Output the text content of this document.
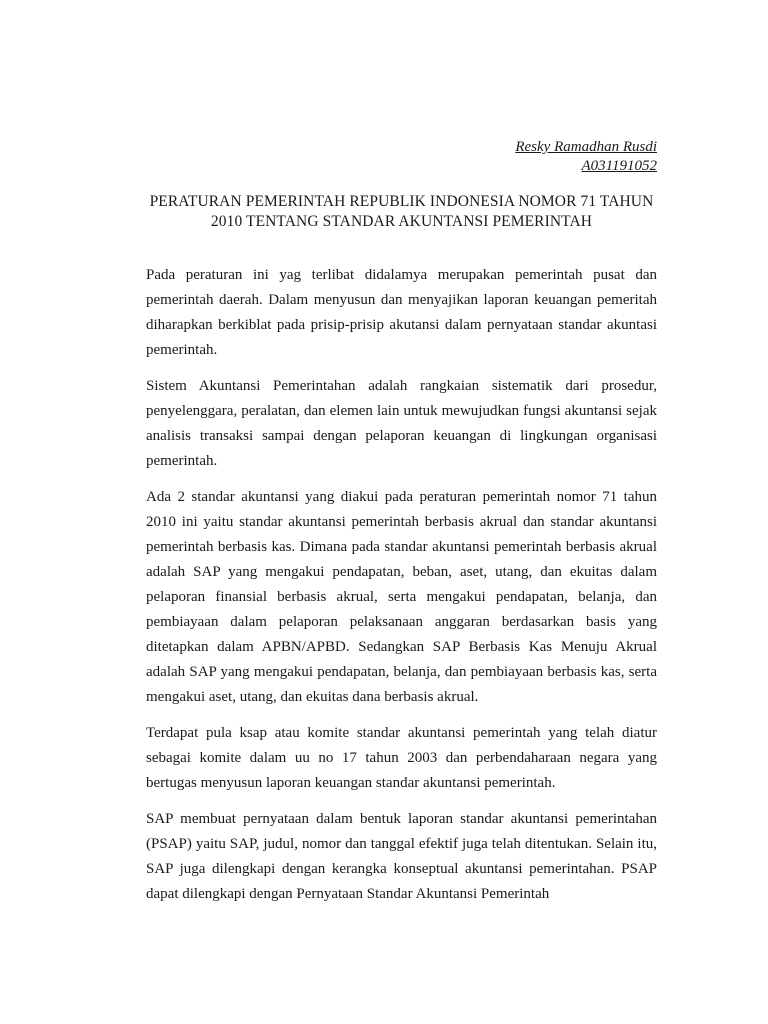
Resky Ramadhan Rusdi
A031191052
PERATURAN PEMERINTAH REPUBLIK INDONESIA NOMOR 71 TAHUN
2010 TENTANG STANDAR AKUNTANSI PEMERINTAH

Pada peraturan ini yag terlibat didalamya merupakan pemerintah pusat dan pemerintah daerah. Dalam menyusun dan menyajikan laporan keuangan pemeritah diharapkan berkiblat pada prisip-prisip akutansi dalam pernyataan standar akuntasi pemerintah.

Sistem Akuntansi Pemerintahan adalah rangkaian sistematik dari prosedur, penyelenggara, peralatan, dan elemen lain untuk mewujudkan fungsi akuntansi sejak analisis transaksi sampai dengan pelaporan keuangan di lingkungan organisasi pemerintah.

Ada 2 standar akuntansi yang diakui pada peraturan pemerintah nomor 71 tahun 2010 ini yaitu standar akuntansi pemerintah berbasis akrual dan standar akuntansi pemerintah berbasis kas. Dimana pada standar akuntansi pemerintah berbasis akrual adalah SAP yang mengakui pendapatan, beban, aset, utang, dan ekuitas dalam pelaporan finansial berbasis akrual, serta mengakui pendapatan, belanja, dan pembiayaan dalam pelaporan pelaksanaan anggaran berdasarkan basis yang ditetapkan dalam APBN/APBD. Sedangkan SAP Berbasis Kas Menuju Akrual adalah SAP yang mengakui pendapatan, belanja, dan pembiayaan berbasis kas, serta mengakui aset, utang, dan ekuitas dana berbasis akrual.

Terdapat pula ksap atau komite standar akuntansi pemerintah yang telah diatur sebagai komite dalam uu no 17 tahun 2003 dan perbendaharaan negara yang bertugas menyusun laporan keuangan standar akuntansi pemerintah.

SAP membuat pernyataan dalam bentuk laporan standar akuntansi pemerintahan (PSAP) yaitu SAP, judul, nomor dan tanggal efektif juga telah ditentukan. Selain itu, SAP juga dilengkapi dengan kerangka konseptual akuntansi pemerintahan. PSAP dapat dilengkapi dengan Pernyataan Standar Akuntansi Pemerintah
